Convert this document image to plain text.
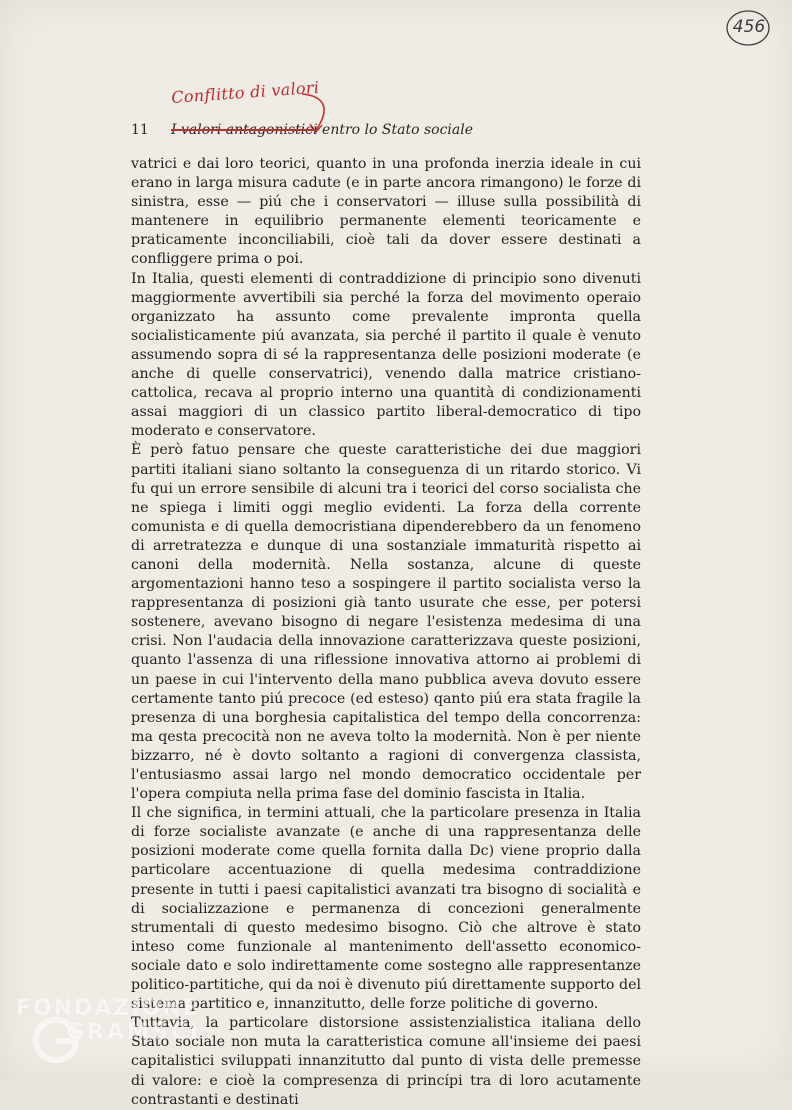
456
Conflitto di valori
11 I valori antagonistici entro lo Stato sociale

vatrici e dai loro teorici, quanto in una profonda inerzia ideale in cui erano in larga misura cadute (e in parte ancora rimangono) le forze di sinistra, esse — piú che i conservatori — illuse sulla possibilità di mantenere in equilibrio permanente elementi teoricamente e praticamente inconciliabili, cioè tali da dover essere destinati a confliggere prima o poi.

In Italia, questi elementi di contraddizione di principio sono divenuti maggiormente avvertibili sia perché la forza del movimento operaio organizzato ha assunto come prevalente impronta quella socialisticamente piú avanzata, sia perché il partito il quale è venuto assumendo sopra di sé la rappresentanza delle posizioni moderate (e anche di quelle conservatrici), venendo dalla matrice cristiano-cattolica, recava al proprio interno una quantità di condizionamenti assai maggiori di un classico partito liberal-democratico di tipo moderato e conservatore.

È però fatuo pensare che queste caratteristiche dei due maggiori partiti italiani siano soltanto la conseguenza di un ritardo storico. Vi fu qui un errore sensibile di alcuni tra i teorici del corso socialista che ne spiega i limiti oggi meglio evidenti. La forza della corrente comunista e di quella democristiana dipenderebbero da un fenomeno di arretratezza e dunque di una sostanziale immaturità rispetto ai canoni della modernità. Nella sostanza, alcune di queste argomentazioni hanno teso a sospingere il partito socialista verso la rappresentanza di posizioni già tanto usurate che esse, per potersi sostenere, avevano bisogno di negare l'esistenza medesima di una crisi. Non l'audacia della innovazione caratterizzava queste posizioni, quanto l'assenza di una riflessione innovativa attorno ai problemi di un paese in cui l'intervento della mano pubblica aveva dovuto essere certamente tanto piú precoce (ed esteso) qanto piú era stata fragile la presenza di una borghesia capitalistica del tempo della concorrenza: ma qesta precocità non ne aveva tolto la modernità. Non è per niente bizzarro, né è dovto soltanto a ragioni di convergenza classista, l'entusiasmo assai largo nel mondo democratico occidentale per l'opera compiuta nella prima fase del dominio fascista in Italia.

Il che significa, in termini attuali, che la particolare presenza in Italia di forze socialiste avanzate (e anche di una rappresentanza delle posizioni moderate come quella fornita dalla Dc) viene proprio dalla particolare accentuazione di quella medesima contraddizione presente in tutti i paesi capitalistici avanzati tra bisogno di socialità e di socializzazione e permanenza di concezioni generalmente strumentali di questo medesimo bisogno. Ciò che altrove è stato inteso come funzionale al mantenimento dell'assetto economico-sociale dato e solo indirettamente come sostegno alle rappresentanze politico-partitiche, qui da noi è divenuto piú direttamente supporto del sistema partitico e, innanzitutto, delle forze politiche di governo.

Tuttavia, la particolare distorsione assistenzialistica italiana dello Stato sociale non muta la caratteristica comune all'insieme dei paesi capitalistici sviluppati innanzitutto dal punto di vista delle premesse di valore: e cioè la compresenza di princípi tra di loro acutamente contrastanti e destinati

FONDAZIONE
GRAMSCI
